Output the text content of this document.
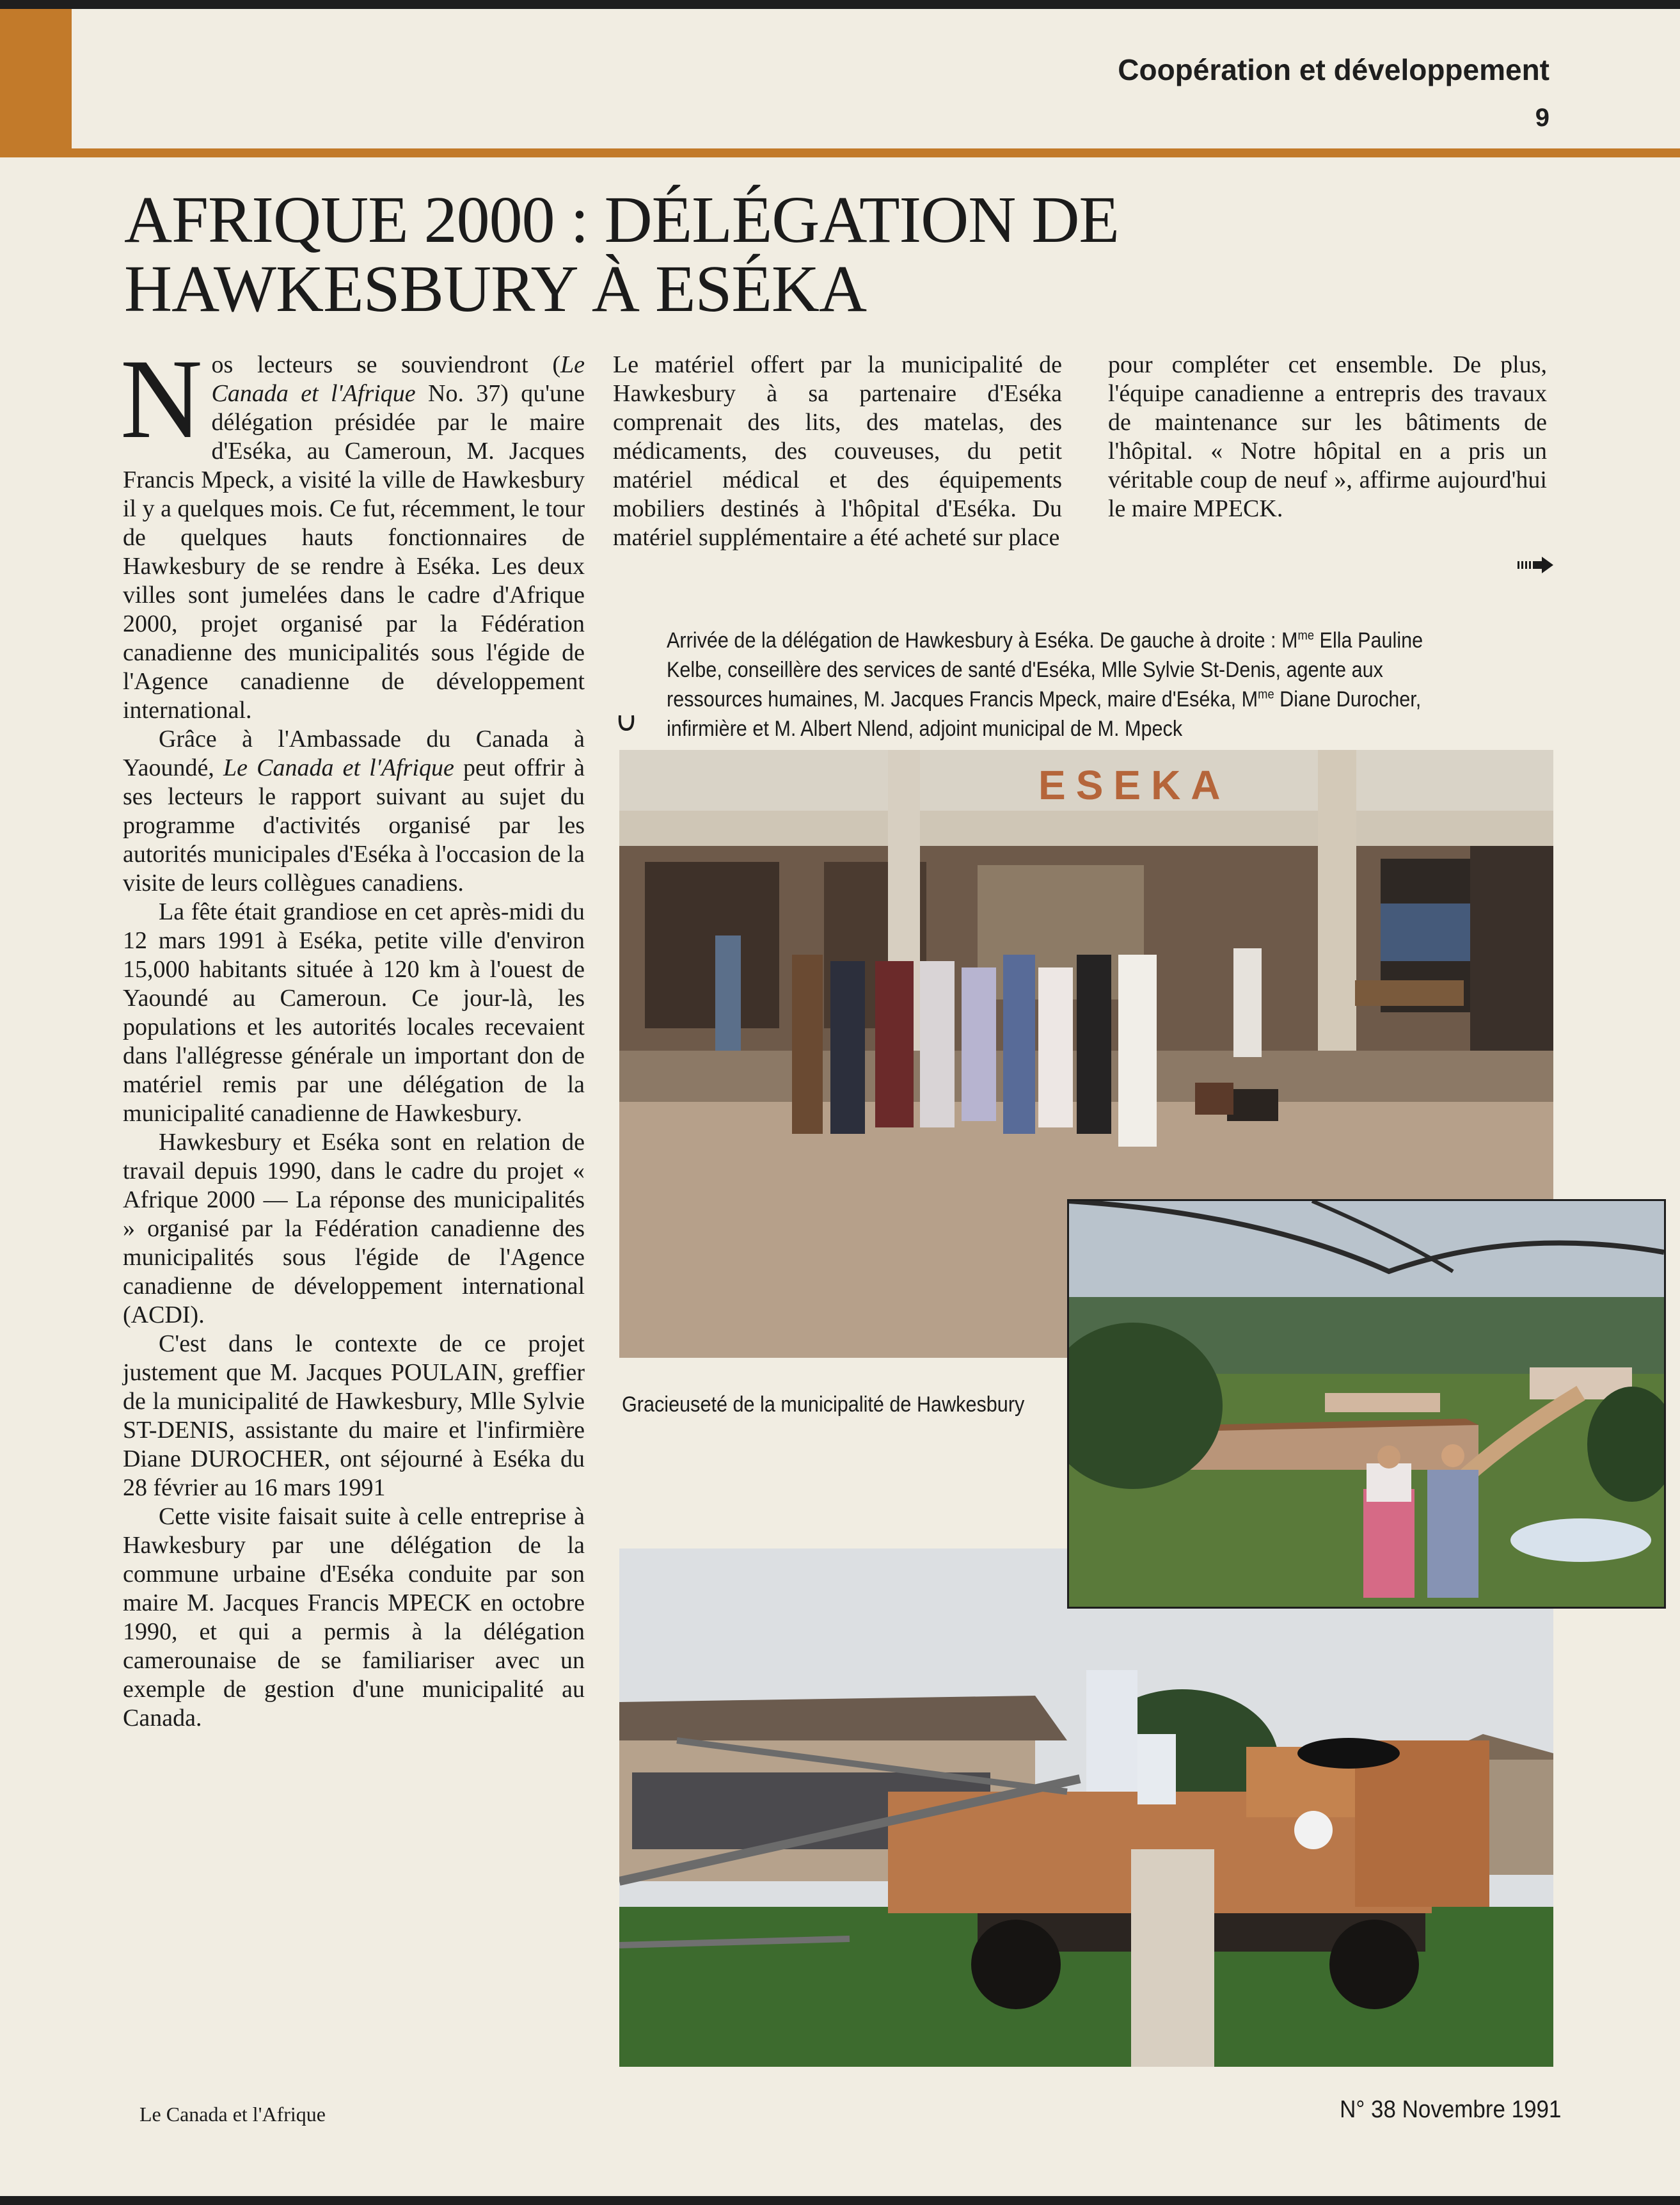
Coopération et développement
9
AFRIQUE 2000 : DÉLÉGATION DE
HAWKESBURY À ESÉKA

Nos lecteurs se souviendront (Le Canada et l'Afrique No. 37) qu'une délégation présidée par le maire d'Eséka, au Cameroun, M. Jacques Francis Mpeck, a visité la ville de Hawkesbury il y a quelques mois. Ce fut, récemment, le tour de quelques hauts fonctionnaires de Hawkesbury de se rendre à Eséka. Les deux villes sont jumelées dans le cadre d'Afrique 2000, projet organisé par la Fédération canadienne des municipalités sous l'égide de l'Agence canadienne de développement international.

Grâce à l'Ambassade du Canada à Yaoundé, Le Canada et l'Afrique peut offrir à ses lecteurs le rapport suivant au sujet du programme d'activités organisé par les autorités municipales d'Eséka à l'occasion de la visite de leurs collègues canadiens.

La fête était grandiose en cet après-midi du 12 mars 1991 à Eséka, petite ville d'environ 15,000 habitants située à 120 km à l'ouest de Yaoundé au Cameroun. Ce jour-là, les populations et les autorités locales recevaient dans l'allégresse générale un important don de matériel remis par une délégation de la municipalité canadienne de Hawkesbury.

Hawkesbury et Eséka sont en relation de travail depuis 1990, dans le cadre du projet « Afrique 2000 — La réponse des municipalités » organisé par la Fédération canadienne des municipalités sous l'égide de l'Agence canadienne de développement international (ACDI).

C'est dans le contexte de ce projet justement que M. Jacques POULAIN, greffier de la municipalité de Hawkesbury, Mlle Sylvie ST-DENIS, assistante du maire et l'infirmière Diane DUROCHER, ont séjourné à Eséka du 28 février au 16 mars 1991

Cette visite faisait suite à celle entreprise à Hawkesbury par une délégation de la commune urbaine d'Eséka conduite par son maire M. Jacques Francis MPECK en octobre 1990, et qui a permis à la délégation camerounaise de se familiariser avec un exemple de gestion d'une municipalité au Canada.

Le matériel offert par la municipalité de Hawkesbury à sa partenaire d'Eséka comprenait des lits, des matelas, des médicaments, des couveuses, du petit matériel médical et des équipements mobiliers destinés à l'hôpital d'Eséka. Du matériel supplémentaire a été acheté sur place

pour compléter cet ensemble. De plus, l'équipe canadienne a entrepris des travaux de maintenance sur les bâtiments de l'hôpital. « Notre hôpital en a pris un véritable coup de neuf », affirme aujourd'hui le maire MPECK.

Arrivée de la délégation de Hawkesbury à Eséka. De gauche à droite : $M^{me}$ Ella Pauline Kelbe, conseillère des services de santé d'Eséka, Mlle Sylvie St-Denis, agente aux ressources humaines, M. Jacques Francis Mpeck, maire d'Eséka, $M^{me}$ Diane Durocher, infirmière et M. Albert Nlend, adjoint municipal de M. Mpeck
ESEKA
Gracieuseté de la municipalité de Hawkesbury
Le Canada et l'Afrique	N° 38 Novembre 1991
